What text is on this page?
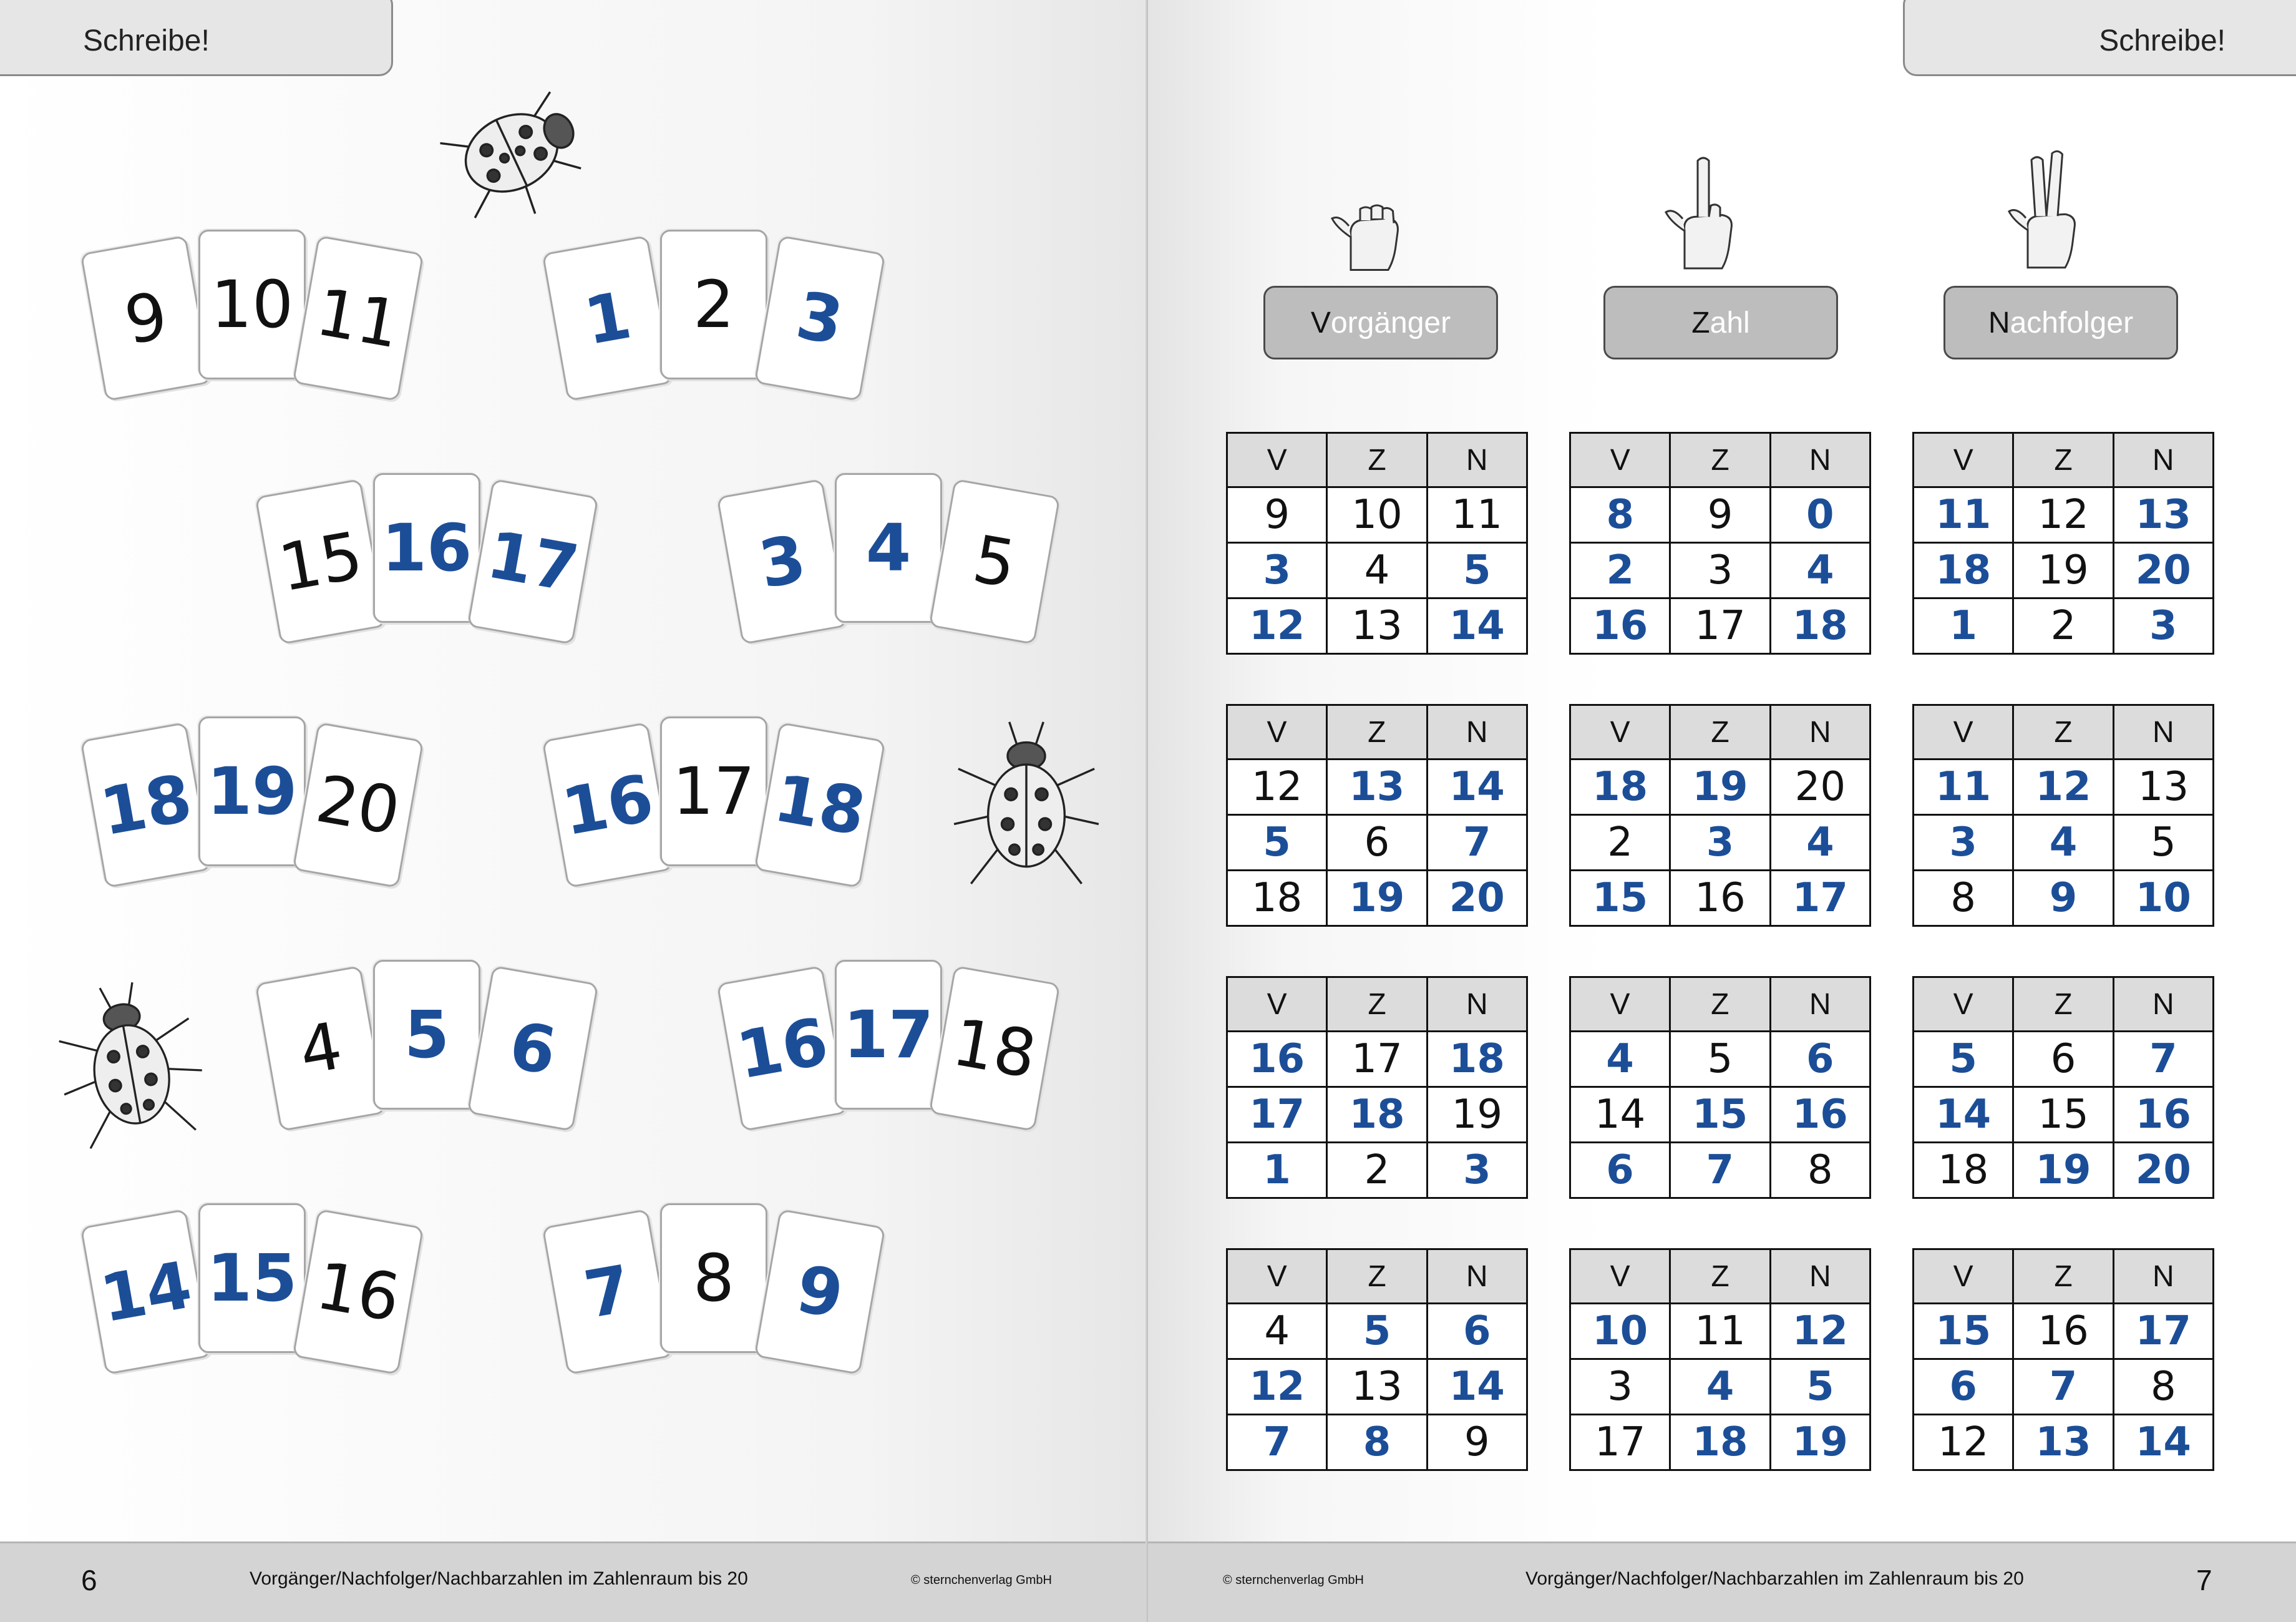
Schreibe!
9 10 11	1 2 3
15 16 17	3 4 5
18 19 20 16 17 18
4 5 6	16 17 18
14 15 16	7 8 9
6	Vorgänger/Nachfolger/Nachbarzahlen im Zahlenraum bis 20	© sternchenverlag GmbH
Schreibe!
V orgänger	Z ahl	N achfolger
V	Z	N
9	10	11
3	4	5
12	13	14
V	Z	N
8	9	0
2	3	4
16	17	18
V	Z	N
11	12	13
18	19	20
1	2	3
V	Z	N
12	13	14
5	6	7
18	19	20
V	Z	N
18	19	20
2	3	4
15	16	17
V	Z	N
11	12	13
3	4	5
8	9	10
V	Z	N
16	17	18
17	18	19
1	2	3
V	Z	N
4	5	6
14	15	16
6	7	8
V	Z	N
5	6	7
14	15	16
18	19	20
V	Z	N
4	5	6
12	13	14
7	8	9
V	Z	N
10	11	12
3	4	5
17	18	19
V	Z	N
15	16	17
6	7	8
12	13	14
© sternchenverlag GmbH	Vorgänger/Nachfolger/Nachbarzahlen im Zahlenraum bis 20	7
